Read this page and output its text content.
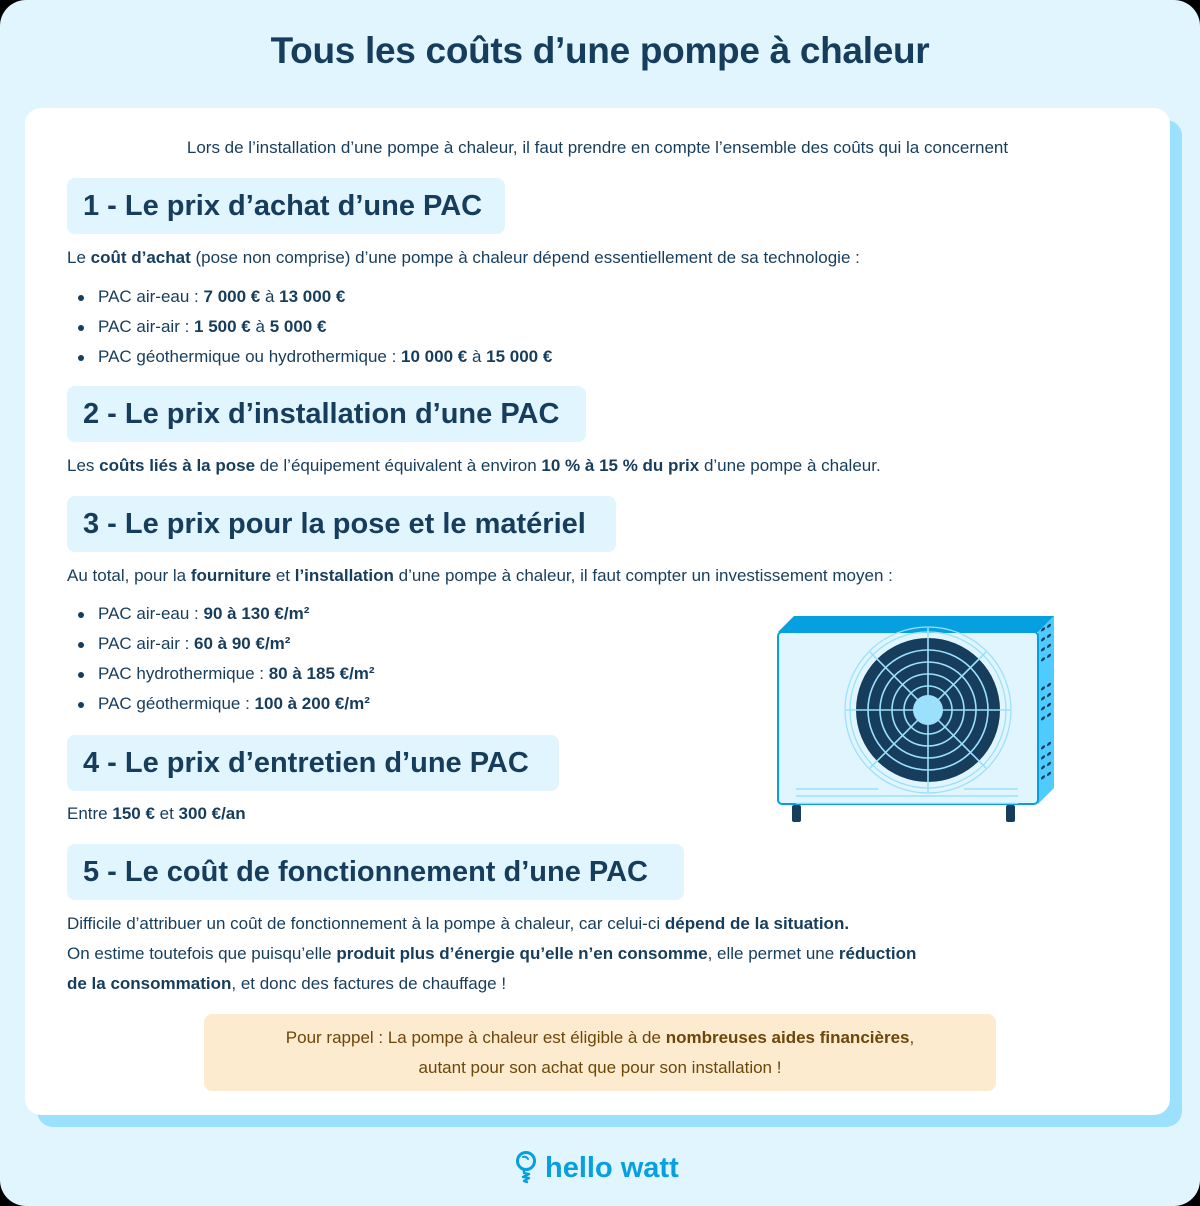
Tous les coûts d’une pompe à chaleur
Lors de l’installation d’une pompe à chaleur, il faut prendre en compte l’ensemble des coûts qui la concernent
1 - Le prix d’achat d’une PAC
Le coût d’achat (pose non comprise) d’une pompe à chaleur dépend essentiellement de sa technologie :
PAC air-eau : 7 000 € à 13 000 €
PAC air-air : 1 500 € à 5 000 €
PAC géothermique ou hydrothermique : 10 000 € à 15 000 €
2 - Le prix d’installation d’une PAC
Les coûts liés à la pose de l’équipement équivalent à environ 10 % à 15 % du prix d’une pompe à chaleur.
3 - Le prix pour la pose et le matériel
Au total, pour la fourniture et l’installation d’une pompe à chaleur, il faut compter un investissement moyen :
PAC air-eau : 90 à 130 €/m²
PAC air-air : 60 à 90 €/m²
PAC hydrothermique : 80 à 185 €/m²
PAC géothermique : 100 à 200 €/m²
4 - Le prix d’entretien d’une PAC
Entre 150 € et 300 €/an
5 - Le coût de fonctionnement d’une PAC
Difficile d’attribuer un coût de fonctionnement à la pompe à chaleur, car celui-ci dépend de la situation.
On estime toutefois que puisqu’elle produit plus d’énergie qu’elle n’en consomme, elle permet une réduction
de la consommation, et donc des factures de chauffage !
Pour rappel : La pompe à chaleur est éligible à de nombreuses aides financières,
autant pour son achat que pour son installation !
hello watt
